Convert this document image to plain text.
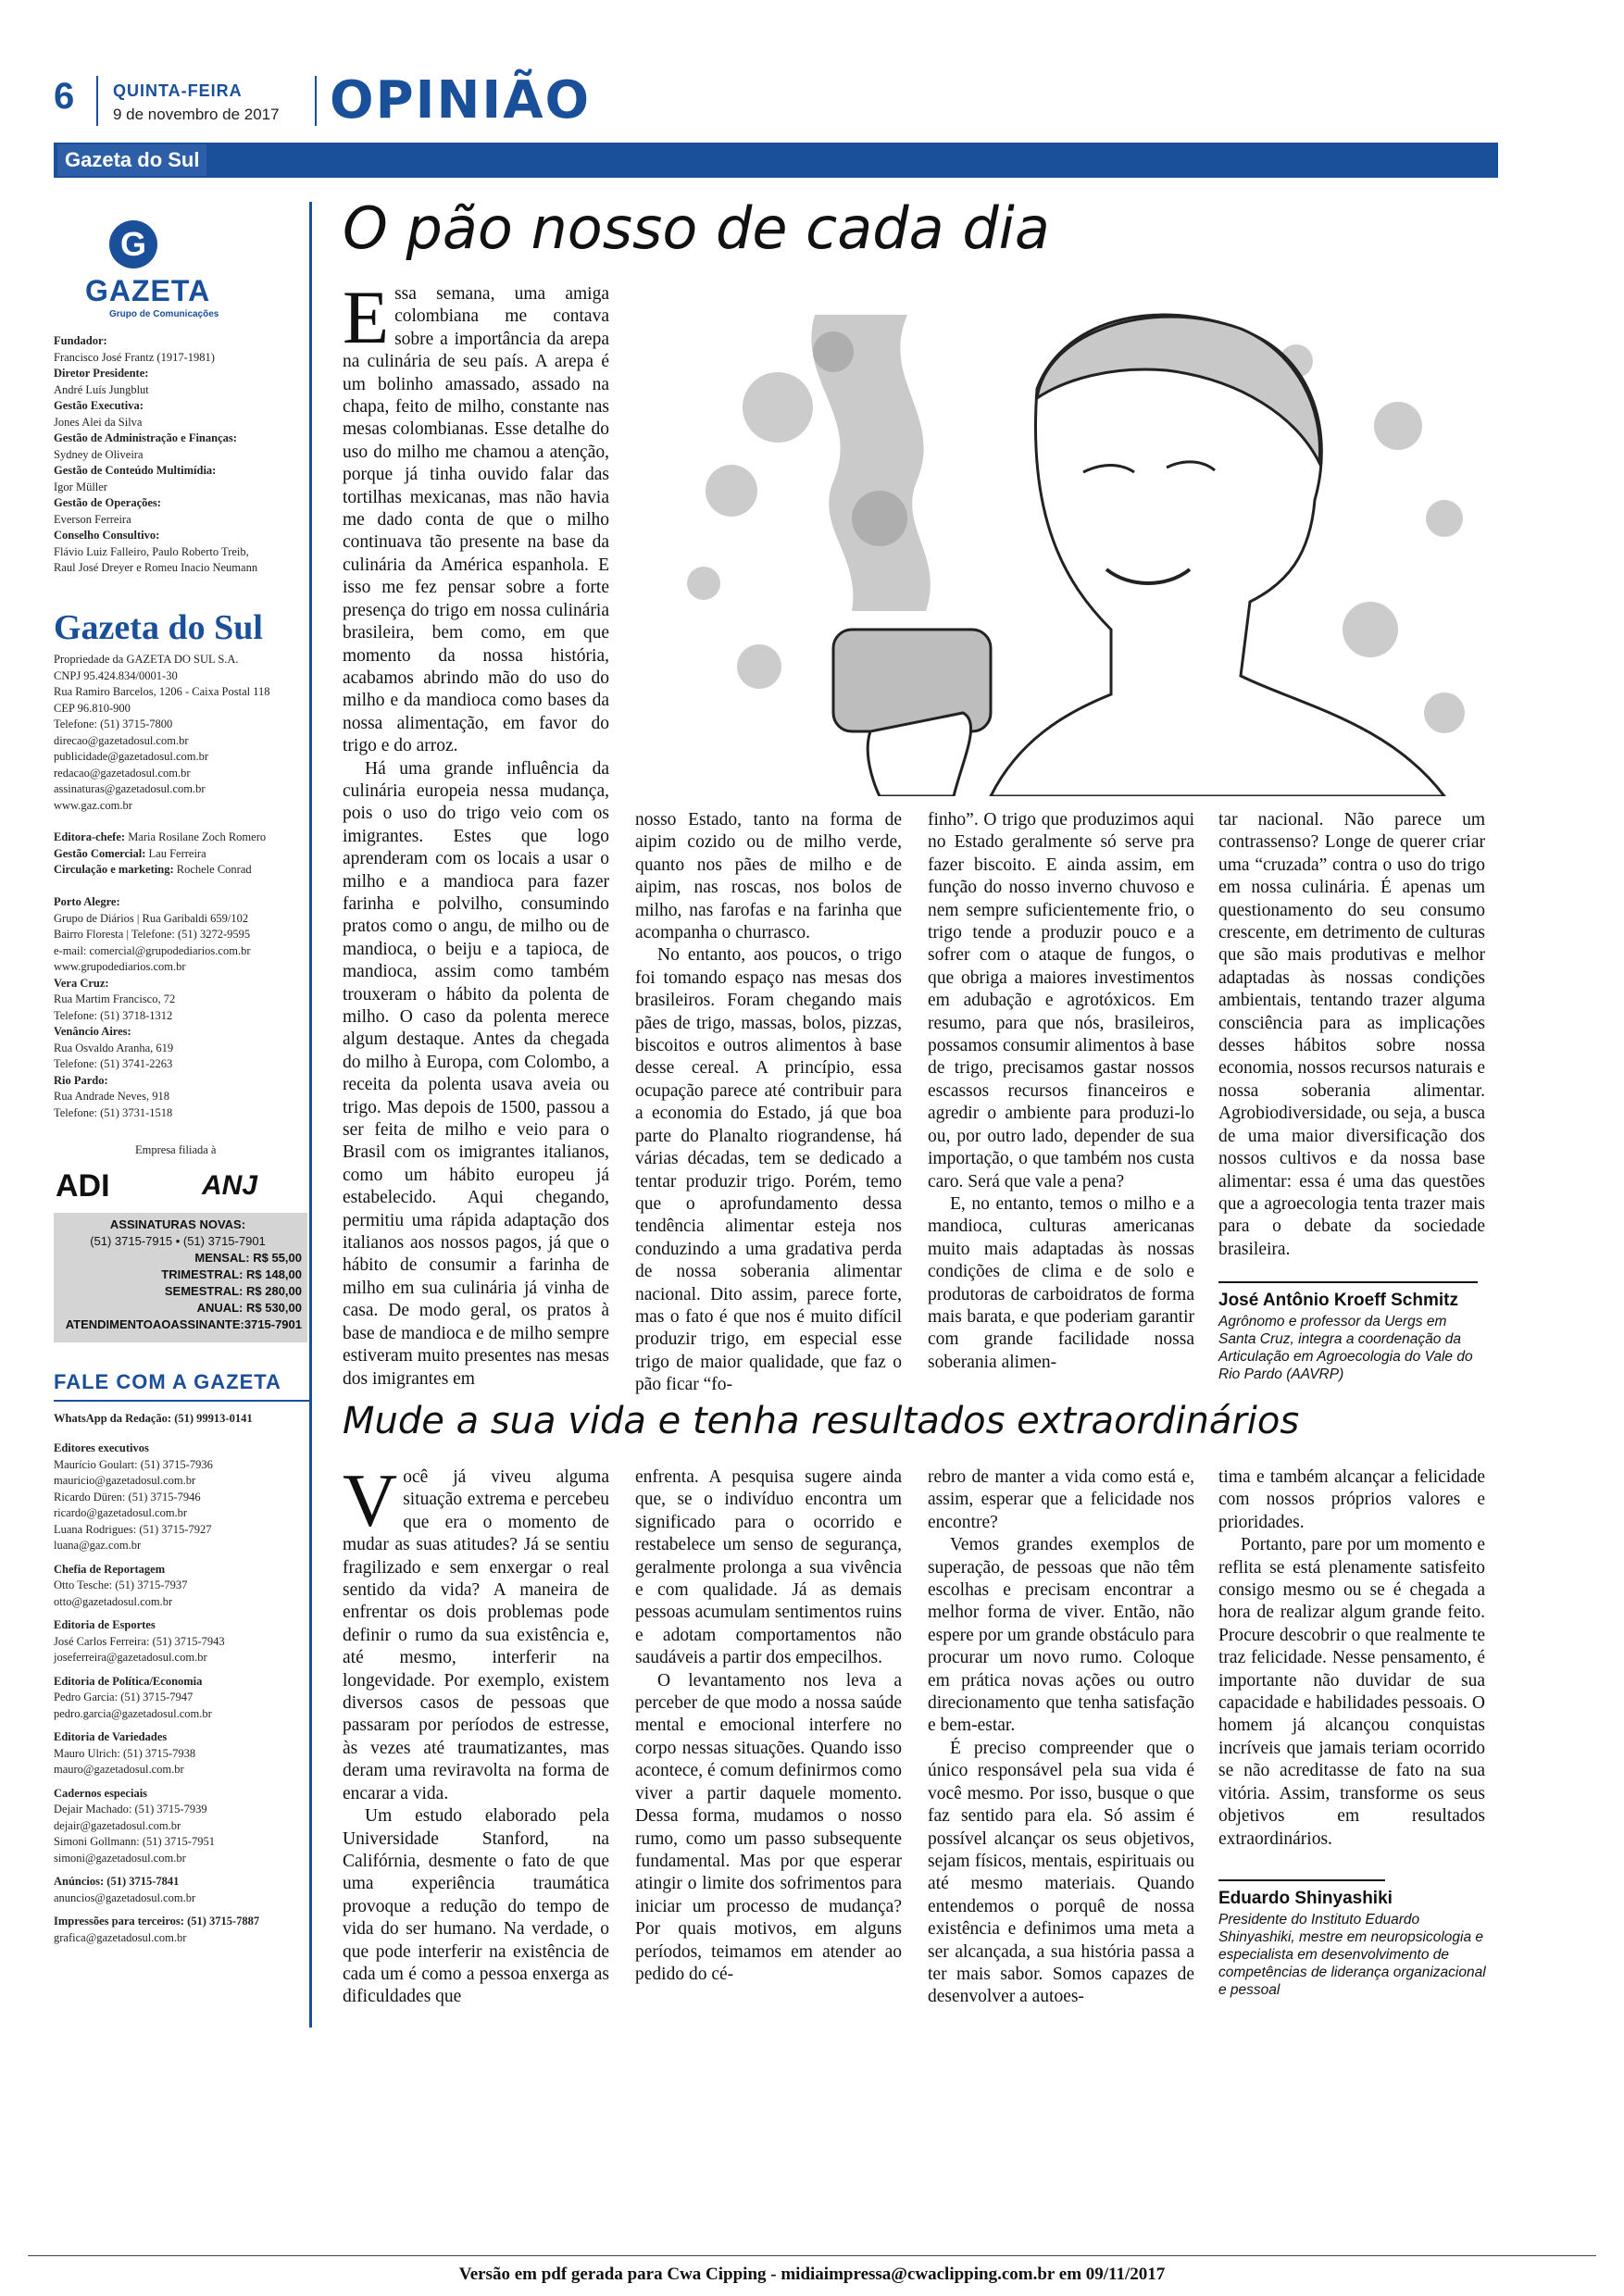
6 QUINTA-FEIRA
9 de novembro de 2017 OPINIÃO
Gazeta do Sul
G
GAZETA
Grupo de Comunicações
Fundador:
Francisco José Frantz (1917-1981)
Diretor Presidente:
André Luís Jungblut
Gestão Executiva:
Jones Alei da Silva
Gestão de Administração e Finanças:
Sydney de Oliveira
Gestão de Conteúdo Multimídia:
Igor Müller
Gestão de Operações:
Everson Ferreira
Conselho Consultivo:
Flávio Luiz Falleiro, Paulo Roberto Treib,
Raul José Dreyer e Romeu Inacio Neumann
Gazeta do Sul
Propriedade da GAZETA DO SUL S.A.
CNPJ 95.424.834/0001-30
Rua Ramiro Barcelos, 1206 - Caixa Postal 118
CEP 96.810-900
Telefone: (51) 3715-7800
direcao@gazetadosul.com.br
publicidade@gazetadosul.com.br
redacao@gazetadosul.com.br
assinaturas@gazetadosul.com.br
www.gaz.com.br
Editora-chefe: Maria Rosilane Zoch Romero
Gestão Comercial: Lau Ferreira
Circulação e marketing: Rochele Conrad
Porto Alegre:
Grupo de Diários | Rua Garibaldi 659/102
Bairro Floresta | Telefone: (51) 3272-9595
e-mail: comercial@grupodediarios.com.br
www.grupodediarios.com.br
Vera Cruz:
Rua Martim Francisco, 72
Telefone: (51) 3718-1312
Venâncio Aires:
Rua Osvaldo Aranha, 619
Telefone: (51) 3741-2263
Rio Pardo:
Rua Andrade Neves, 918
Telefone: (51) 3731-1518
Empresa filiada à
ADI	ANJ
ASSINATURAS NOVAS:
(51) 3715-7915 • (51) 3715-7901
MENSAL: R$ 55,00
TRIMESTRAL: R$ 148,00
SEMESTRAL: R$ 280,00
ANUAL: R$ 530,00
ATENDIMENTOAOASSINANTE:3715-7901
FALE COM A GAZETA
WhatsApp da Redação: (51) 99913-0141
Editores executivos
Maurício Goulart: (51) 3715-7936
mauricio@gazetadosul.com.br
Ricardo Düren: (51) 3715-7946
ricardo@gazetadosul.com.br
Luana Rodrigues: (51) 3715-7927
luana@gaz.com.br
Chefia de Reportagem
Otto Tesche: (51) 3715-7937
otto@gazetadosul.com.br
Editoria de Esportes
José Carlos Ferreira: (51) 3715-7943
joseferreira@gazetadosul.com.br
Editoria de Política/Economia
Pedro Garcia: (51) 3715-7947
pedro.garcia@gazetadosul.com.br
Editoria de Variedades
Mauro Ulrich: (51) 3715-7938
mauro@gazetadosul.com.br
Cadernos especiais
Dejair Machado: (51) 3715-7939
dejair@gazetadosul.com.br
Simoni Gollmann: (51) 3715-7951
simoni@gazetadosul.com.br
Anúncios: (51) 3715-7841
anuncios@gazetadosul.com.br
Impressões para terceiros: (51) 3715-7887
grafica@gazetadosul.com.br
O pão nosso de cada dia

Essa semana, uma amiga colombiana me contava sobre a importância da arepa na culinária de seu país. A arepa é um bolinho amassado, assado na chapa, feito de milho, constante nas mesas colombianas. Esse detalhe do uso do milho me chamou a atenção, porque já tinha ouvido falar das tortilhas mexicanas, mas não havia me dado conta de que o milho continuava tão presente na base da culinária da América espanhola. E isso me fez pensar sobre a forte presença do trigo em nossa culinária brasileira, bem como, em que momento da nossa história, acabamos abrindo mão do uso do milho e da mandioca como bases da nossa alimentação, em favor do trigo e do arroz.

Há uma grande influência da culinária europeia nessa mudança, pois o uso do trigo veio com os imigrantes. Estes que logo aprenderam com os locais a usar o milho e a mandioca para fazer farinha e polvilho, consumindo pratos como o angu, de milho ou de mandioca, o beiju e a tapioca, de mandioca, assim como também trouxeram o hábito da polenta de milho. O caso da polenta merece algum destaque. Antes da chegada do milho à Europa, com Colombo, a receita da polenta usava aveia ou trigo. Mas depois de 1500, passou a ser feita de milho e veio para o Brasil com os imigrantes italianos, como um hábito europeu já estabelecido. Aqui chegando, permitiu uma rápida adaptação dos italianos aos nossos pagos, já que o hábito de consumir a farinha de milho em sua culinária já vinha de casa. De modo geral, os pratos à base de mandioca e de milho sempre estiveram muito presentes nas mesas dos imigrantes em

nosso Estado, tanto na forma de aipim cozido ou de milho verde, quanto nos pães de milho e de aipim, nas roscas, nos bolos de milho, nas farofas e na farinha que acompanha o churrasco.

No entanto, aos poucos, o trigo foi tomando espaço nas mesas dos brasileiros. Foram chegando mais pães de trigo, massas, bolos, pizzas, biscoitos e outros alimentos à base desse cereal. A princípio, essa ocupação parece até contribuir para a economia do Estado, já que boa parte do Planalto riograndense, há várias décadas, tem se dedicado a tentar produzir trigo. Porém, temo que o aprofundamento dessa tendência alimentar esteja nos conduzindo a uma gradativa perda de nossa soberania alimentar nacional. Dito assim, parece forte, mas o fato é que nos é muito difícil produzir trigo, em especial esse trigo de maior qualidade, que faz o pão ficar “fo-

finho”. O trigo que produzimos aqui no Estado geralmente só serve pra fazer biscoito. E ainda assim, em função do nosso inverno chuvoso e nem sempre suficientemente frio, o trigo tende a produzir pouco e a sofrer com o ataque de fungos, o que obriga a maiores investimentos em adubação e agrotóxicos. Em resumo, para que nós, brasileiros, possamos consumir alimentos à base de trigo, precisamos gastar nossos escassos recursos financeiros e agredir o ambiente para produzi-lo ou, por outro lado, depender de sua importação, o que também nos custa caro. Será que vale a pena?

E, no entanto, temos o milho e a mandioca, culturas americanas muito mais adaptadas às nossas condições de clima e de solo e produtoras de carboidratos de forma mais barata, e que poderiam garantir com grande facilidade nossa soberania alimen-

tar nacional. Não parece um contrassenso? Longe de querer criar uma “cruzada” contra o uso do trigo em nossa culinária. É apenas um questionamento do seu consumo crescente, em detrimento de culturas que são mais produtivas e melhor adaptadas às nossas condições ambientais, tentando trazer alguma consciência para as implicações desses hábitos sobre nossa economia, nossos recursos naturais e nossa soberania alimentar. Agrobiodiversidade, ou seja, a busca de uma maior diversificação dos nossos cultivos e da nossa base alimentar: essa é uma das questões que a agroecologia tenta trazer mais para o debate da sociedade brasileira.

José Antônio Kroeff Schmitz
Agrônomo e professor da Uergs em Santa Cruz, integra a coordenação da Articulação em Agroecologia do Vale do Rio Pardo (AAVRP)
Mude a sua vida e tenha resultados extraordinários

Você já viveu alguma situação extrema e percebeu que era o momento de mudar as suas atitudes? Já se sentiu fragilizado e sem enxergar o real sentido da vida? A maneira de enfrentar os dois problemas pode definir o rumo da sua existência e, até mesmo, interferir na longevidade. Por exemplo, existem diversos casos de pessoas que passaram por períodos de estresse, às vezes até traumatizantes, mas deram uma reviravolta na forma de encarar a vida.

Um estudo elaborado pela Universidade Stanford, na Califórnia, desmente o fato de que uma experiência traumática provoque a redução do tempo de vida do ser humano. Na verdade, o que pode interferir na existência de cada um é como a pessoa enxerga as dificuldades que

enfrenta. A pesquisa sugere ainda que, se o indivíduo encontra um significado para o ocorrido e restabelece um senso de segurança, geralmente prolonga a sua vivência e com qualidade. Já as demais pessoas acumulam sentimentos ruins e adotam comportamentos não saudáveis a partir dos empecilhos.

O levantamento nos leva a perceber de que modo a nossa saúde mental e emocional interfere no corpo nessas situações. Quando isso acontece, é comum definirmos como viver a partir daquele momento. Dessa forma, mudamos o nosso rumo, como um passo subsequente fundamental. Mas por que esperar atingir o limite dos sofrimentos para iniciar um processo de mudança? Por quais motivos, em alguns períodos, teimamos em atender ao pedido do cé-

rebro de manter a vida como está e, assim, esperar que a felicidade nos encontre?

Vemos grandes exemplos de superação, de pessoas que não têm escolhas e precisam encontrar a melhor forma de viver. Então, não espere por um grande obstáculo para procurar um novo rumo. Coloque em prática novas ações ou outro direcionamento que tenha satisfação e bem-estar.

É preciso compreender que o único responsável pela sua vida é você mesmo. Por isso, busque o que faz sentido para ela. Só assim é possível alcançar os seus objetivos, sejam físicos, mentais, espirituais ou até mesmo materiais. Quando entendemos o porquê de nossa existência e definimos uma meta a ser alcançada, a sua história passa a ter mais sabor. Somos capazes de desenvolver a autoes-

tima e também alcançar a felicidade com nossos próprios valores e prioridades.

Portanto, pare por um momento e reflita se está plenamente satisfeito consigo mesmo ou se é chegada a hora de realizar algum grande feito. Procure descobrir o que realmente te traz felicidade. Nesse pensamento, é importante não duvidar de sua capacidade e habilidades pessoais. O homem já alcançou conquistas incríveis que jamais teriam ocorrido se não acreditasse de fato na sua vitória. Assim, transforme os seus objetivos em resultados extraordinários.

Eduardo Shinyashiki
Presidente do Instituto Eduardo Shinyashiki, mestre em neuropsicologia e especialista em desenvolvimento de competências de liderança organizacional e pessoal
Versão em pdf gerada para Cwa Cipping - midiaimpressa@cwaclipping.com.br em 09/11/2017
